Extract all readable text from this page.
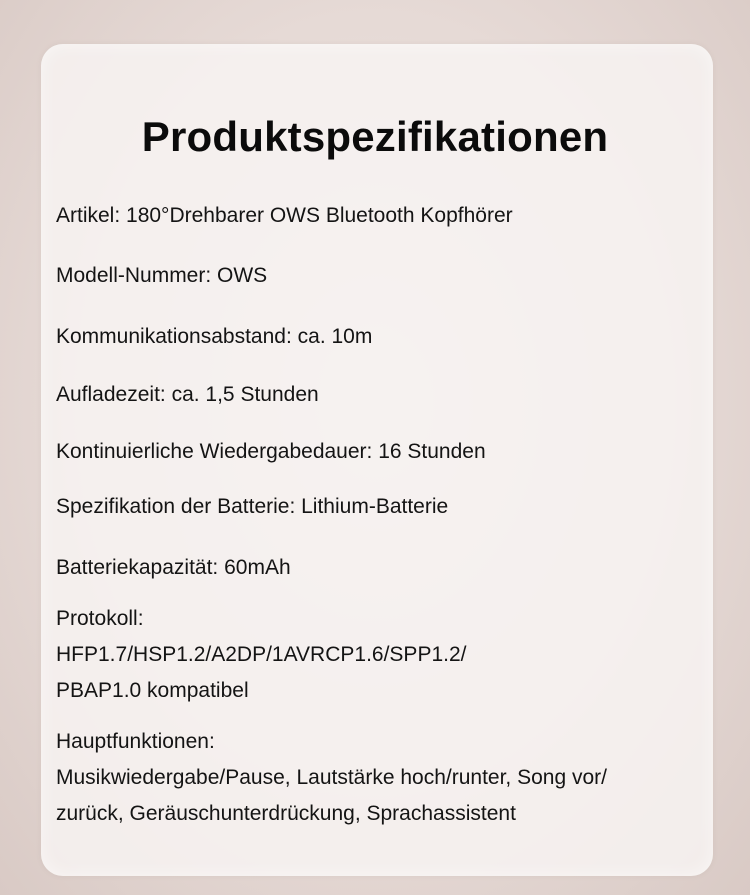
Produktspezifikationen
Artikel: 180°Drehbarer OWS Bluetooth Kopfhörer
Modell-Nummer: OWS
Kommunikationsabstand: ca. 10m
Aufladezeit: ca. 1,5 Stunden
Kontinuierliche Wiedergabedauer: 16 Stunden
Spezifikation der Batterie: Lithium-Batterie
Batteriekapazität: 60mAh
Protokoll:
HFP1.7/HSP1.2/A2DP/1AVRCP1.6/SPP1.2/
PBAP1.0 kompatibel
Hauptfunktionen:
Musikwiedergabe/Pause, Lautstärke hoch/runter, Song vor/
zurück, Geräuschunterdrückung, Sprachassistent
